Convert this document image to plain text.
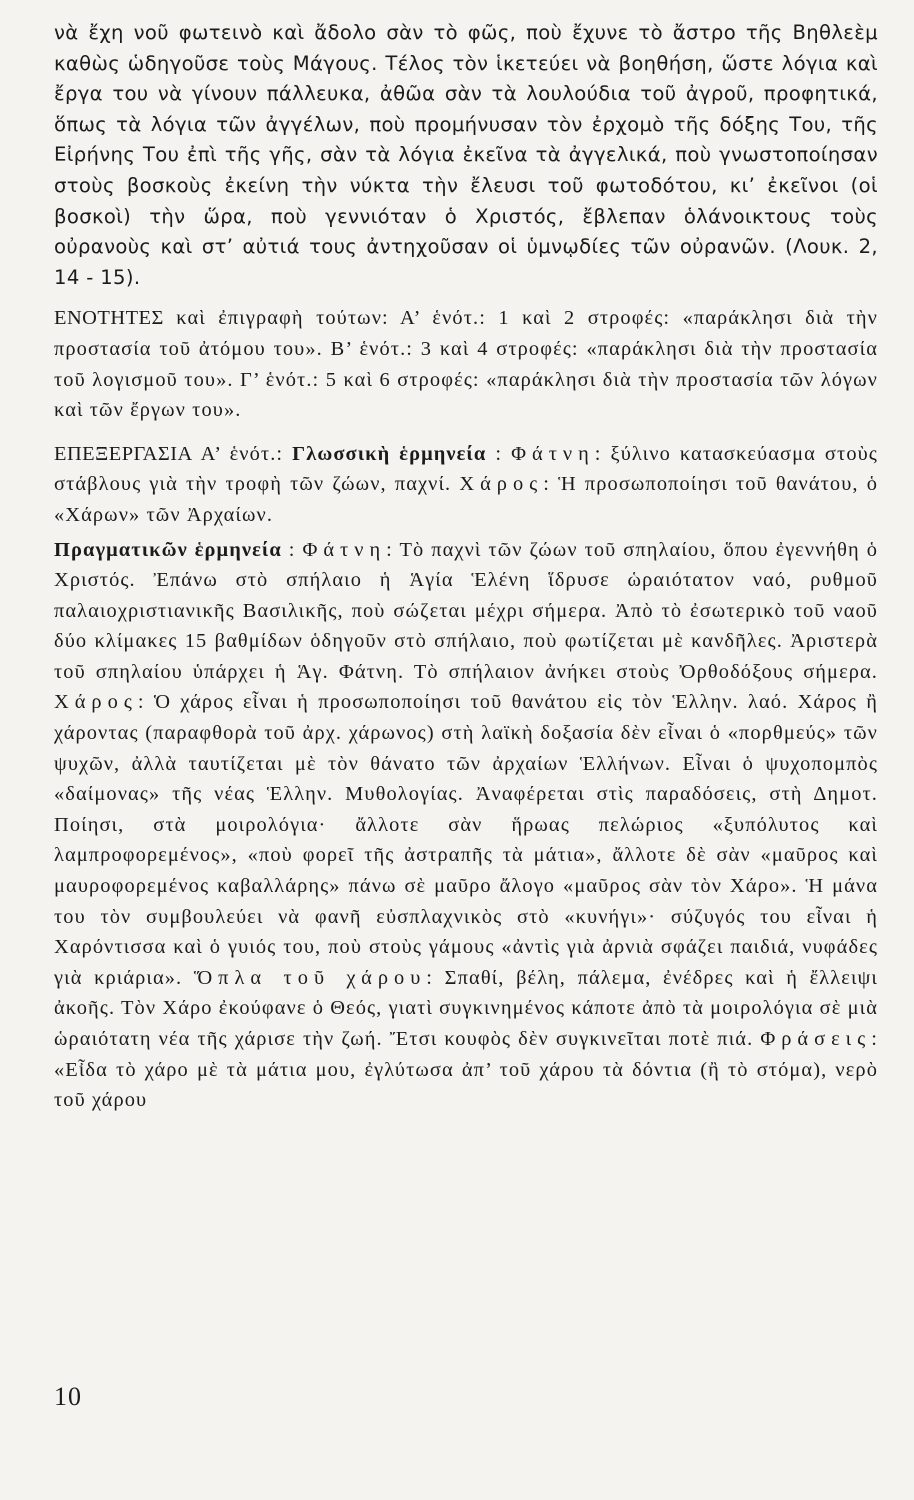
νὰ ἔχη νοῦ φωτεινὸ καὶ ἄδολο σὰν τὸ φῶς, ποὺ ἔχυνε τὸ ἄστρο τῆς Βηθλεὲμ καθὼς ὡδηγοῦσε τοὺς Μάγους. Τέλος τὸν ἱκετεύει νὰ βοηθήση, ὥστε λόγια καὶ ἔργα του νὰ γίνουν πάλλευκα, ἀθῶα σὰν τὰ λουλούδια τοῦ ἀγροῦ, προφητικά, ὅπως τὰ λόγια τῶν ἀγγέλων, ποὺ προμήνυσαν τὸν ἐρχομὸ τῆς δόξης Του, τῆς Εἰρήνης Του ἐπὶ τῆς γῆς, σὰν τὰ λόγια ἐκεῖνα τὰ ἀγγελικά, ποὺ γνωστοποίησαν στοὺς βοσκοὺς ἐκείνη τὴν νύκτα τὴν ἔλευσι τοῦ φωτοδότου, κι’ ἐκεῖνοι (οἱ βοσκοὶ) τὴν ὥρα, ποὺ γεννιόταν ὁ Χριστός, ἔβλεπαν ὁλάνοικτους τοὺς οὐρανοὺς καὶ στ’ αὐτιά τους ἀντηχοῦσαν οἱ ὑμνῳδίες τῶν οὐρανῶν. (Λουκ. 2, 14 - 15).

ΕΝΟΤΗΤΕΣ καὶ ἐπιγραφὴ τούτων: Α’ ἑνότ.: 1 καὶ 2 στροφές: «παράκλησι διὰ τὴν προστασία τοῦ ἀτόμου του». Β’ ἑνότ.: 3 καὶ 4 στροφές: «παράκλησι διὰ τὴν προστασία τοῦ λογισμοῦ του». Γ’ ἑνότ.: 5 καὶ 6 στροφές: «παράκλησι διὰ τὴν προστασία τῶν λόγων καὶ τῶν ἔργων του».

ΕΠΕΞΕΡΓΑΣΙΑ Α’ ἑνότ.: Γλωσσικὴ ἑρμηνεία : Φάτνη: ξύλινο κατασκεύασμα στοὺς στάβλους γιὰ τὴν τροφὴ τῶν ζώων, παχνί. Χάρος: Ἡ προσωποποίησι τοῦ θανάτου, ὁ «Χάρων» τῶν Ἀρχαίων.

Πραγματικῶν ἑρμηνεία : Φάτνη: Τὸ παχνὶ τῶν ζώων τοῦ σπηλαίου, ὅπου ἐγεννήθη ὁ Χριστός. Ἐπάνω στὸ σπήλαιο ἡ Ἁγία Ἑλένη ἵδρυσε ὡραιότατον ναό, ρυθμοῦ παλαιοχριστιανικῆς Βασιλικῆς, ποὺ σώζεται μέχρι σήμερα. Ἀπὸ τὸ ἐσωτερικὸ τοῦ ναοῦ δύο κλίμακες 15 βαθμίδων ὁδηγοῦν στὸ σπήλαιο, ποὺ φωτίζεται μὲ κανδῆλες. Ἀριστερὰ τοῦ σπηλαίου ὑπάρχει ἡ Ἁγ. Φάτνη. Τὸ σπήλαιον ἀνήκει στοὺς Ὀρθοδόξους σήμερα. Χάρος: Ὁ χάρος εἶναι ἡ προσωποποίησι τοῦ θανάτου εἰς τὸν Ἑλλην. λαό. Χάρος ἢ χάροντας (παραφθορὰ τοῦ ἀρχ. χάρωνος) στὴ λαϊκὴ δοξασία δὲν εἶναι ὁ «πορθμεύς» τῶν ψυχῶν, ἀλλὰ ταυτίζεται μὲ τὸν θάνατο τῶν ἀρχαίων Ἑλλήνων. Εἶναι ὁ ψυχοπομπὸς «δαίμονας» τῆς νέας Ἑλλην. Μυθολογίας. Ἀναφέρεται στὶς παραδόσεις, στὴ Δημοτ. Ποίησι, στὰ μοιρολόγια· ἄλλοτε σὰν ἥρωας πελώριος «ξυπόλυτος καὶ λαμπροφορεμένος», «ποὺ φορεῖ τῆς ἀστραπῆς τὰ μάτια», ἄλλοτε δὲ σὰν «μαῦρος καὶ μαυροφορεμένος καβαλλάρης» πάνω σὲ μαῦρο ἄλογο «μαῦρος σὰν τὸν Χάρο». Ἡ μάνα του τὸν συμβουλεύει νὰ φανῆ εὐσπλαχνικὸς στὸ «κυνήγι»· σύζυγός του εἶναι ἡ Χαρόντισσα καὶ ὁ γυιός του, ποὺ στοὺς γάμους «ἀντὶς γιὰ ἀρνιὰ σφάζει παιδιά, νυφάδες γιὰ κριάρια». Ὅπλα τοῦ χάρου: Σπαθί, βέλη, πάλεμα, ἐνέδρες καὶ ἡ ἔλλειψι ἀκοῆς. Τὸν Χάρο ἐκούφανε ὁ Θεός, γιατὶ συγκινημένος κάποτε ἀπὸ τὰ μοιρολόγια σὲ μιὰ ὡραιότατη νέα τῆς χάρισε τὴν ζωή. Ἔτσι κουφὸς δὲν συγκινεῖται ποτὲ πιά. Φράσεις: «Εἶδα τὸ χάρο μὲ τὰ μάτια μου, ἐγλύτωσα ἀπ’ τοῦ χάρου τὰ δόντια (ἢ τὸ στόμα), νερὸ τοῦ χάρου

10
